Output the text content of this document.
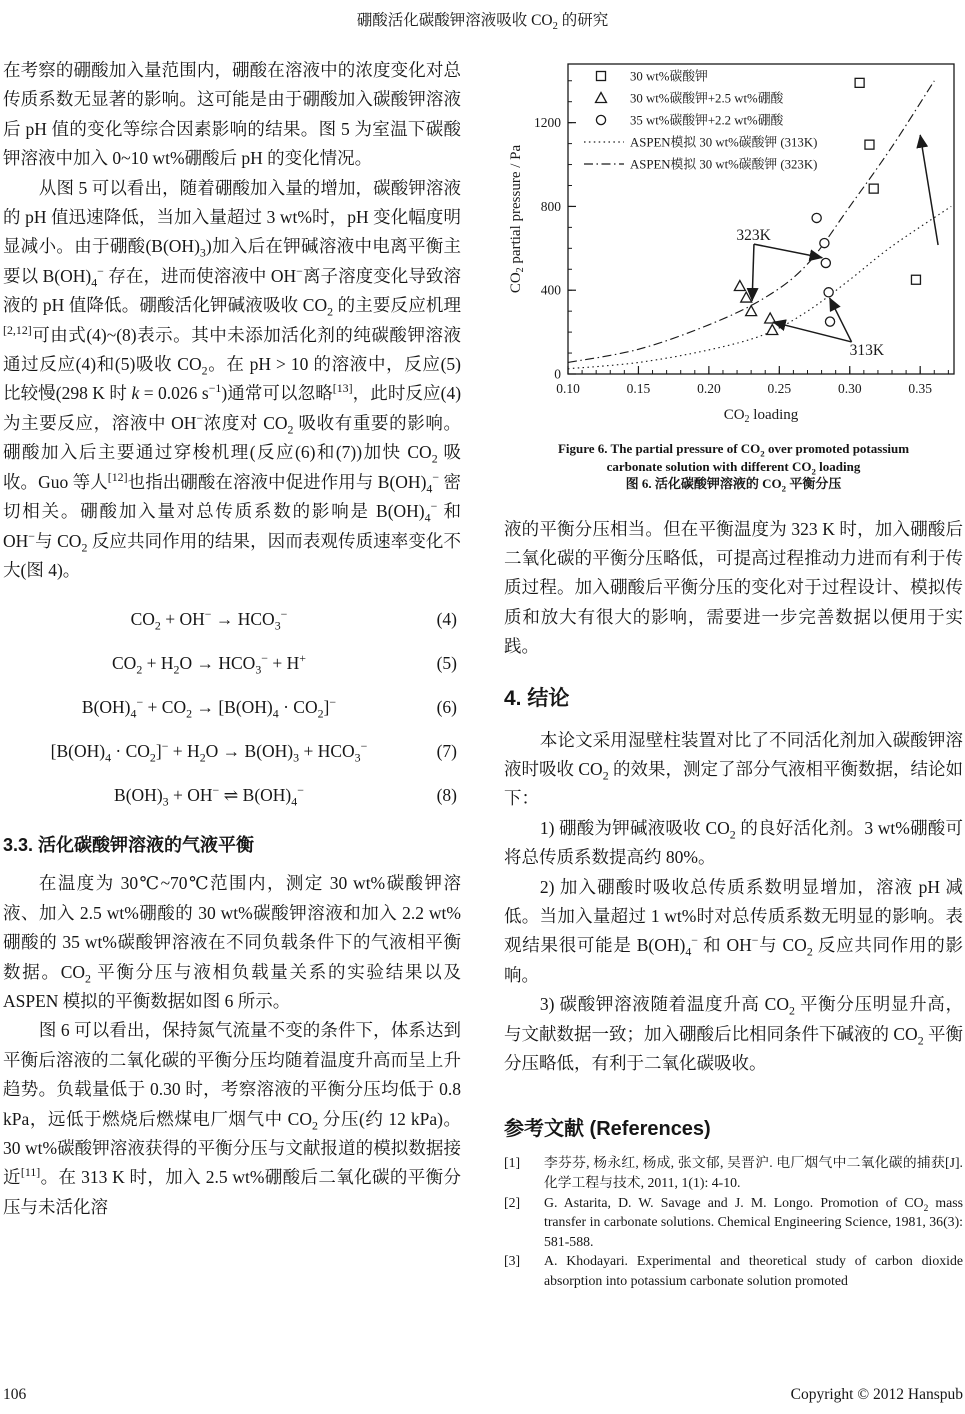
硼酸活化碳酸钾溶液吸收 $CO_2$ 的研究

在考察的硼酸加入量范围内，硼酸在溶液中的浓度变化对总传质系数无显著的影响。这可能是由于硼酸加入碳酸钾溶液后 pH 值的变化等综合因素影响的结果。图 5 为室温下碳酸钾溶液中加入 0~10 wt%硼酸后 pH 的变化情况。

从图 5 可以看出，随着硼酸加入量的增加，碳酸钾溶液的 pH 值迅速降低，当加入量超过 3 wt%时，pH 变化幅度明显减小。由于硼酸$(B(OH)_3)$加入后在钾碱溶液中电离平衡主要以 $B(OH)_4^-$ 存在，进而使溶液中 OH−离子溶度变化导致溶液的 pH 值降低。硼酸活化钾碱液吸收 $CO_2$ 的主要反应机理[2,12]可由式(4)~(8)表示。其中未添加活化剂的纯碳酸钾溶液通过反应(4)和(5)吸收 $CO_2$。在 pH > 10 的溶液中，反应(5)比较慢(298 K 时 k = 0.026 $s^{-1}$)通常可以忽略[13]，此时反应(4)为主要反应，溶液中 OH−浓度对 $CO_2$ 吸收有重要的影响。硼酸加入后主要通过穿梭机理(反应(6)和(7))加快 $CO_2$ 吸收。Guo 等人[12]也指出硼酸在溶液中促进作用与 $B(OH)_4^-$ 密切相关。硼酸加入量对总传质系数的影响是 $B(OH)_4^-$ 和 OH−与 $CO_2$ 反应共同作用的结果，因而表观传质速率变化不大(图 4)。

$CO_2 + OH^- \to HCO_3^-$	(4)
$CO_2 + H_2O \to HCO_3^- + H^+$	(5)
$B(OH)_4^- + CO_2 \to [B(OH)_4 \cdot CO_2]^-$	(6)
$[B(OH)_4 \cdot CO_2]^- + H_2O \to B(OH)_3 + HCO_3^-$	(7)
$B(OH)_3 + OH^-$ ⇌ $B(OH)_4^-$	(8)
3.3. 活化碳酸钾溶液的气液平衡

在温度为 30℃~70℃范围内，测定 30 wt%碳酸钾溶液、加入 2.5 wt%硼酸的 30 wt%碳酸钾溶液和加入 2.2 wt%硼酸的 35 wt%碳酸钾溶液在不同负载条件下的气液相平衡数据。$CO_2$ 平衡分压与液相负载量关系的实验结果以及 ASPEN 模拟的平衡数据如图 6 所示。

图 6 可以看出，保持氮气流量不变的条件下，体系达到平衡后溶液的二氧化碳的平衡分压均随着温度升高而呈上升趋势。负载量低于 0.30 时，考察溶液的平衡分压均低于 0.8 kPa，远低于燃烧后燃煤电厂烟气中 $CO_2$ 分压(约 12 kPa)。30 wt%碳酸钾溶液获得的平衡分压与文献报道的模拟数据接近[11]。在 313 K 时，加入 2.5 wt%硼酸后二氧化碳的平衡分压与未活化溶

0.10	0.15	0.20	0.25	0.30	0.35
0
400
800
1200
$CO_2$ loading
$CO_2$ partial pressure / Pa
30 wt%碳酸钾
30 wt%碳酸钾+2.5 wt%硼酸
35 wt%碳酸钾+2.2 wt%硼酸
ASPEN模拟 30 wt%碳酸钾 (313K)
ASPEN模拟 30 wt%碳酸钾 (323K)
323K
313K
Figure 6. The partial pressure of $CO_2$ over promoted potassium
carbonate solution with different $CO_2$ loading
图 6. 活化碳酸钾溶液的 $CO_2$ 平衡分压

液的平衡分压相当。但在平衡温度为 323 K 时，加入硼酸后二氧化碳的平衡分压略低，可提高过程推动力进而有利于传质过程。加入硼酸后平衡分压的变化对于过程设计、模拟传质和放大有很大的影响，需要进一步完善数据以便用于实践。

4. 结论

本论文采用湿壁柱装置对比了不同活化剂加入碳酸钾溶液时吸收 $CO_2$ 的效果，测定了部分气液相平衡数据，结论如下：

1) 硼酸为钾碱液吸收 $CO_2$ 的良好活化剂。3 wt%硼酸可将总传质系数提高约 80%。

2) 加入硼酸时吸收总传质系数明显增加，溶液 pH 减低。当加入量超过 1 wt%时对总传质系数无明显的影响。表观结果很可能是 $B(OH)_4^-$ 和 OH−与 $CO_2$ 反应共同作用的影响。

3) 碳酸钾溶液随着温度升高 $CO_2$ 平衡分压明显升高，与文献数据一致；加入硼酸后比相同条件下碱液的 $CO_2$ 平衡分压略低，有利于二氧化碳吸收。

参考文献 (References)
[1]	李芬芬, 杨永红, 杨成, 张文郁, 吴晋沪. 电厂烟气中二氧化碳的捕获[J]. 化学工程与技术, 2011, 1(1): 4-10.
[2]	G. Astarita, D. W. Savage and J. M. Longo. Promotion of $CO_2$ mass transfer in carbonate solutions. Chemical Engineering Science, 1981, 36(3): 581-588.
[3]	A. Khodayari. Experimental and theoretical study of carbon dioxide absorption into potassium carbonate solution promoted
106	Copyright © 2012 Hanspub
